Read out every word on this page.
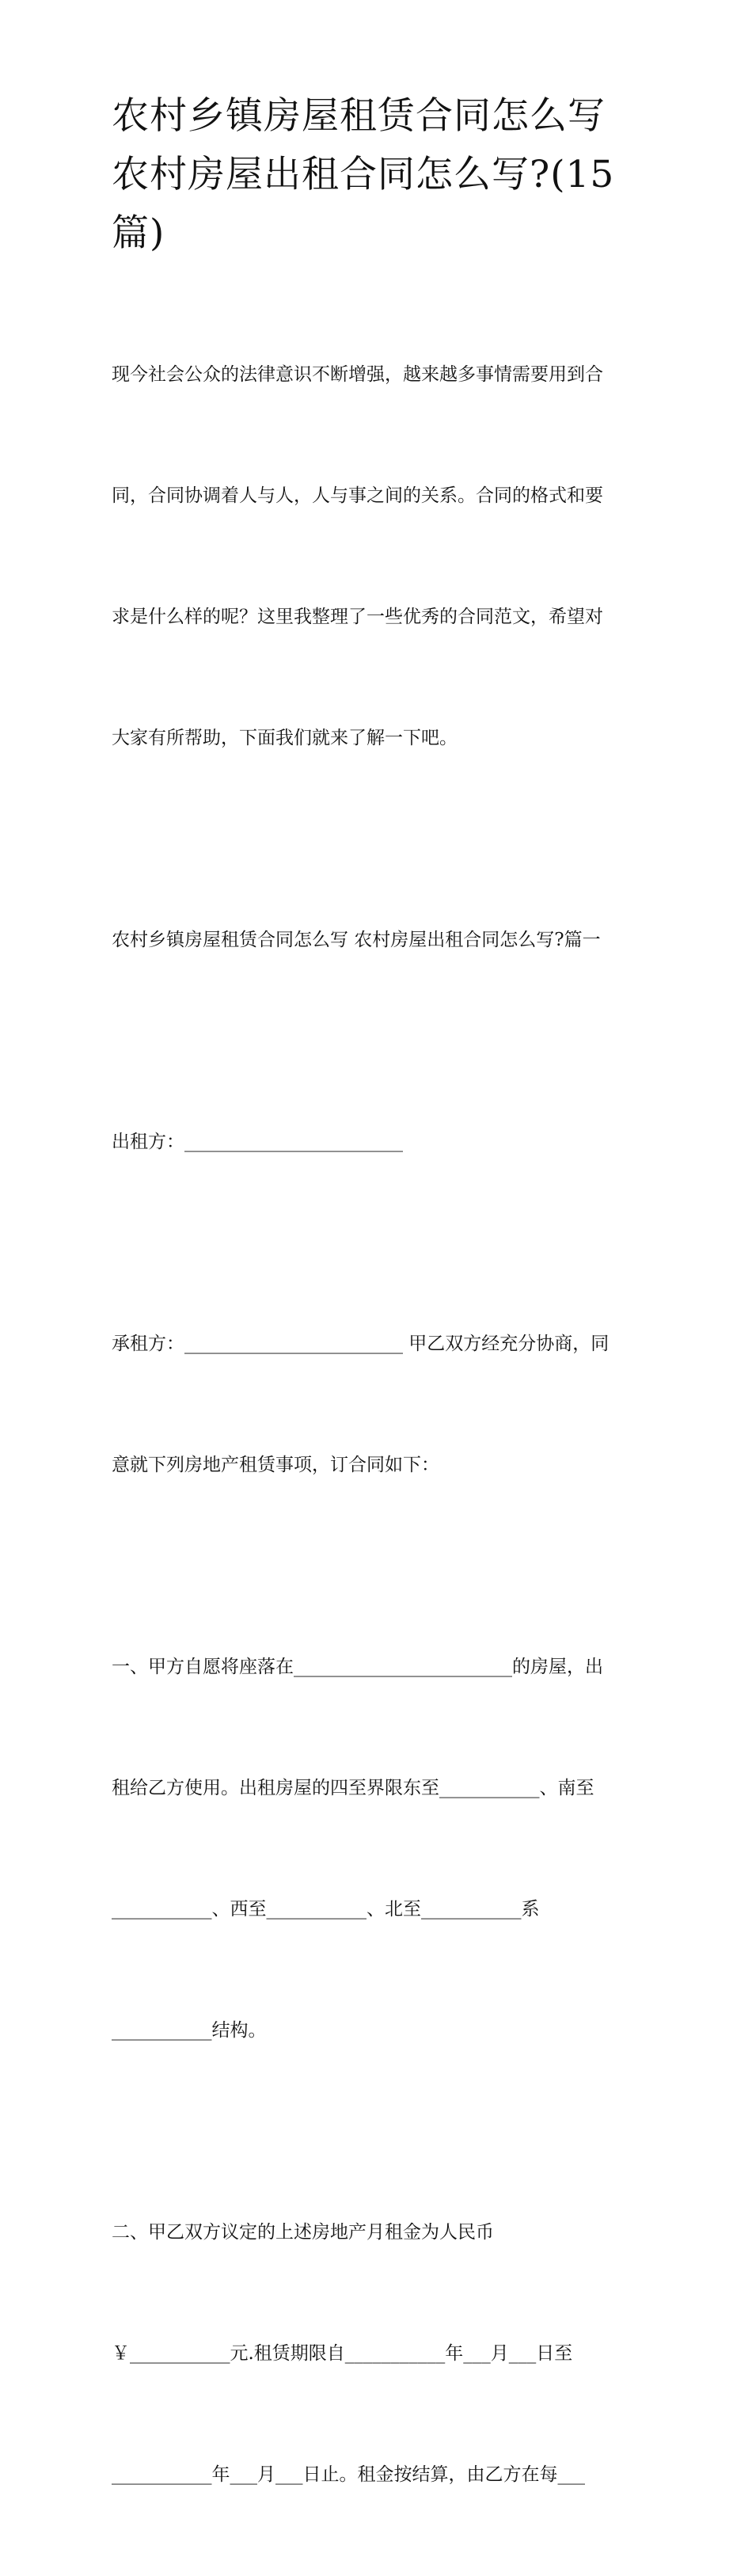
农村乡镇房屋租赁合同怎么写
农村房屋出租合同怎么写?(15
篇)

现今社会公众的法律意识不断增强，越来越多事情需要用到合

同，合同协调着人与人，人与事之间的关系。合同的格式和要

求是什么样的呢？这里我整理了一些优秀的合同范文，希望对

大家有所帮助，下面我们就来了解一下吧。

农村乡镇房屋租赁合同怎么写 农村房屋出租合同怎么写?篇一

出租方：________________________

承租方：________________________ 甲乙双方经充分协商，同

意就下列房地产租赁事项，订合同如下：

一、甲方自愿将座落在________________________的房屋，出

租给乙方使用。出租房屋的四至界限东至___________、南至

___________、西至___________、北至___________系

___________结构。

二、甲乙双方议定的上述房地产月租金为人民币

￥___________元.租赁期限自___________年___月___日至

___________年___月___日止。租金按结算，由乙方在每___
